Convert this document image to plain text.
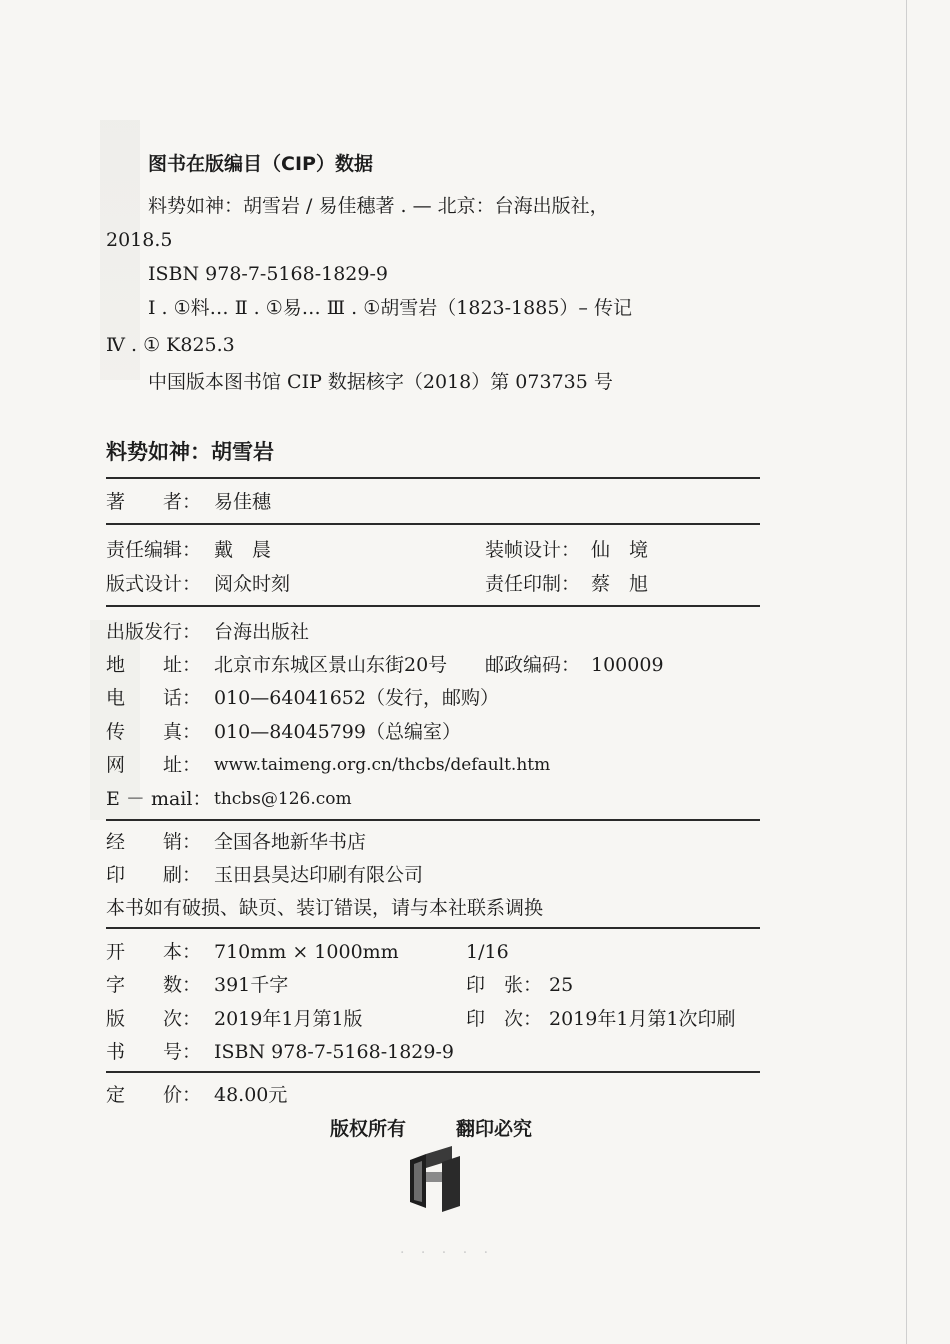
图书在版编目（CIP）数据
料势如神：胡雪岩 / 易佳穗著 . — 北京：台海出版社，
2018.5
ISBN 978-7-5168-1829-9
Ⅰ . ①料… Ⅱ . ①易… Ⅲ . ①胡雪岩（1823-1885）– 传记
Ⅳ . ① K825.3
中国版本图书馆 CIP 数据核字（2018）第 073735 号
料势如神：胡雪岩
著　　者： 易佳穗
责任编辑： 戴　晨	装帧设计： 仙　境
版式设计： 阅众时刻	责任印制： 蔡　旭
出版发行： 台海出版社
地　　址： 北京市东城区景山东街20号 邮政编码： 100009
电　　话： 010—64041652（发行，邮购）
传　　真： 010—84045799（总编室）
网　　址： www.taimeng.org.cn/thcbs/default.htm
E － mail： thcbs@126.com
经　　销： 全国各地新华书店
印　　刷： 玉田县昊达印刷有限公司
本书如有破损、缺页、装订错误，请与本社联系调换
开　　本： 710mm × 1000mm	1/16
字　　数： 391千字	印　张： 25
版　　次： 2019年1月第1版	印　次： 2019年1月第1次印刷
书　　号： ISBN 978-7-5168-1829-9
定　　价： 48.00元
版权所有	翻印必究
· · · · ·
